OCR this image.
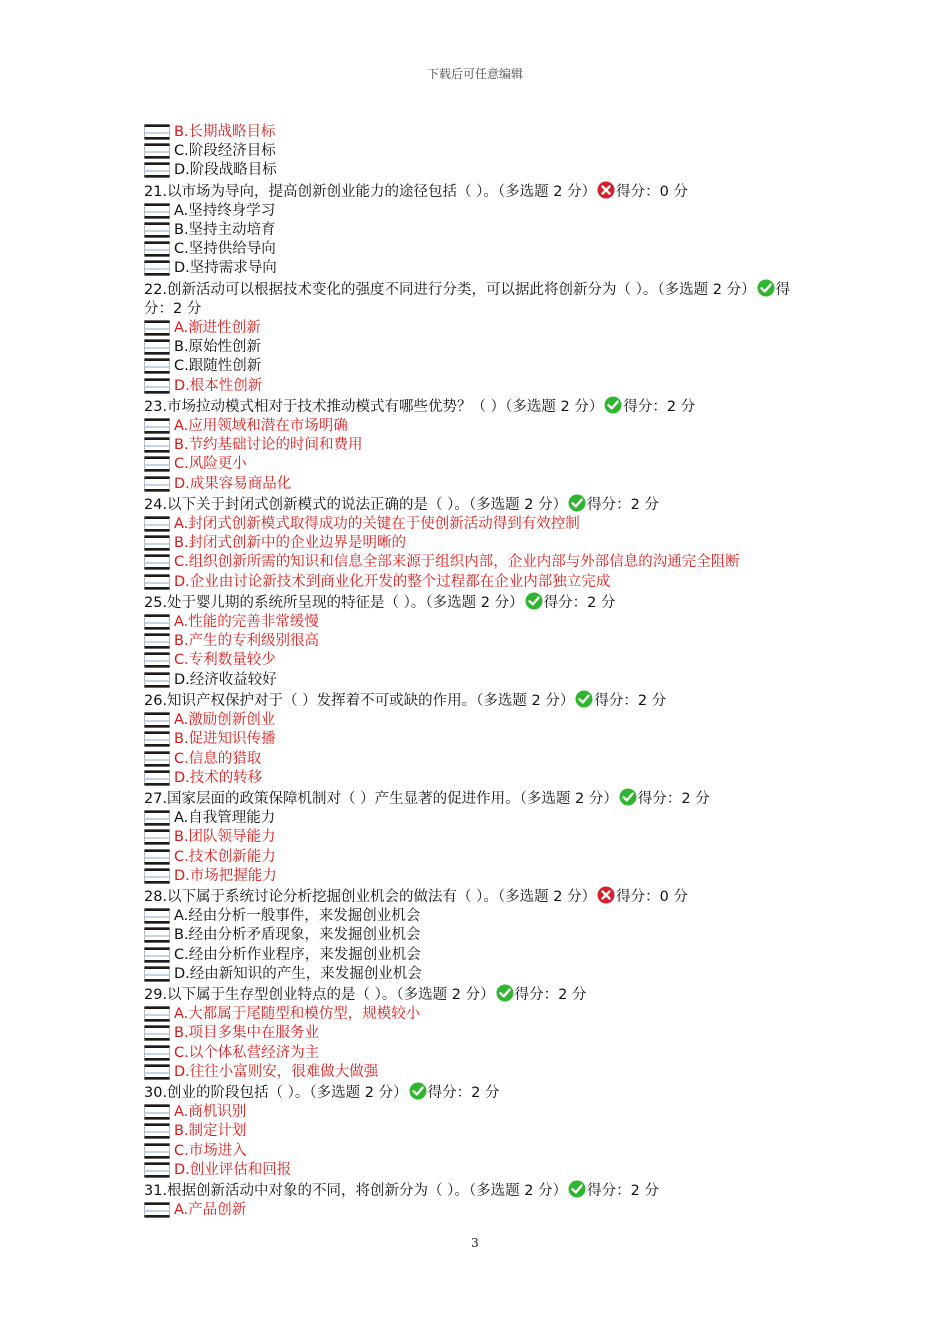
下载后可任意编辑
B.长期战略目标
C.阶段经济目标
D.阶段战略目标
21.以市场为导向，提高创新创业能力的途径包括（ ）。（多选题 2 分） 得分：0 分
A.坚持终身学习
B.坚持主动培育
C.坚持供给导向
D.坚持需求导向
22.创新活动可以根据技术变化的强度不同进行分类，可以据此将创新分为（ ）。（多选题 2 分） 得分：2 分
A.渐进性创新
B.原始性创新
C.跟随性创新
D.根本性创新
23.市场拉动模式相对于技术推动模式有哪些优势？（ ）（多选题 2 分） 得分：2 分
A.应用领域和潜在市场明确
B.节约基础讨论的时间和费用
C.风险更小
D.成果容易商品化
24.以下关于封闭式创新模式的说法正确的是（ ）。（多选题 2 分） 得分：2 分
A.封闭式创新模式取得成功的关键在于使创新活动得到有效控制
B.封闭式创新中的企业边界是明晰的
C.组织创新所需的知识和信息全部来源于组织内部，企业内部与外部信息的沟通完全阻断
D.企业由讨论新技术到商业化开发的整个过程都在企业内部独立完成
25.处于婴儿期的系统所呈现的特征是（ ）。（多选题 2 分） 得分：2 分
A.性能的完善非常缓慢
B.产生的专利级别很高
C.专利数量较少
D.经济收益较好
26.知识产权保护对于（ ）发挥着不可或缺的作用。（多选题 2 分） 得分：2 分
A.激励创新创业
B.促进知识传播
C.信息的猎取
D.技术的转移
27.国家层面的政策保障机制对（ ）产生显著的促进作用。（多选题 2 分） 得分：2 分
A.自我管理能力
B.团队领导能力
C.技术创新能力
D.市场把握能力
28.以下属于系统讨论分析挖掘创业机会的做法有（ ）。（多选题 2 分） 得分：0 分
A.经由分析一般事件，来发掘创业机会
B.经由分析矛盾现象，来发掘创业机会
C.经由分析作业程序，来发掘创业机会
D.经由新知识的产生，来发掘创业机会
29.以下属于生存型创业特点的是（ ）。（多选题 2 分） 得分：2 分
A.大都属于尾随型和模仿型，规模较小
B.项目多集中在服务业
C.以个体私营经济为主
D.往往小富则安，很难做大做强
30.创业的阶段包括（ ）。（多选题 2 分） 得分：2 分
A.商机识别
B.制定计划
C.市场进入
D.创业评估和回报
31.根据创新活动中对象的不同，将创新分为（ ）。（多选题 2 分） 得分：2 分
A.产品创新
3
